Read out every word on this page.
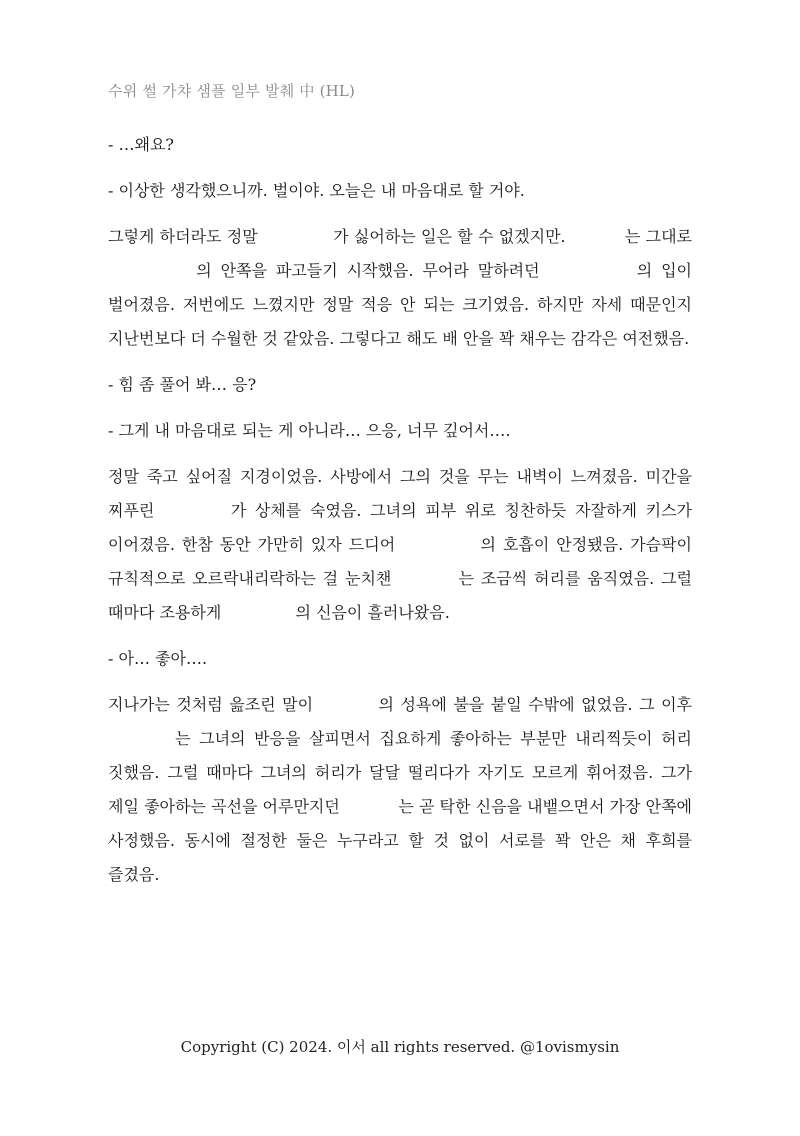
수위 썰 가챠 샘플 일부 발췌 中 (HL)

- …왜요?

- 이상한 생각했으니까. 벌이야. 오늘은 내 마음대로 할 거야.

그렇게 하더라도 정말 　　　　 가 싫어하는 일은 할 수 없겠지만. 　　　 는 그대로 　　　　 의 안쪽을 파고들기 시작했음. 무어라 말하려던 　　　　 의 입이 벌어졌음. 저번에도 느꼈지만 정말 적응 안 되는 크기였음. 하지만 자세 때문인지 지난번보다 더 수월한 것 같았음. 그렇다고 해도 배 안을 꽉 채우는 감각은 여전했음.

- 힘 좀 풀어 봐… 응?

- 그게 내 마음대로 되는 게 아니라… 으응, 너무 깊어서….

정말 죽고 싶어질 지경이었음. 사방에서 그의 것을 무는 내벽이 느껴졌음. 미간을 찌푸린 　　　 가 상체를 숙였음. 그녀의 피부 위로 칭찬하듯 자잘하게 키스가 이어졌음. 한참 동안 가만히 있자 드디어 　　　　 의 호흡이 안정됐음. 가슴팍이 규칙적으로 오르락내리락하는 걸 눈치챈 　　　 는 조금씩 허리를 움직였음. 그럴 때마다 조용하게 　　　　 의 신음이 흘러나왔음.

- 아… 좋아….

지나가는 것처럼 읊조린 말이 　　　 의 성욕에 불을 붙일 수밖에 없었음. 그 이후 　　　 는 그녀의 반응을 살피면서 집요하게 좋아하는 부분만 내리찍듯이 허리 짓했음. 그럴 때마다 그녀의 허리가 달달 떨리다가 자기도 모르게 휘어졌음. 그가 제일 좋아하는 곡선을 어루만지던 　　　 는 곧 탁한 신음을 내뱉으면서 가장 안쪽에 사정했음. 동시에 절정한 둘은 누구라고 할 것 없이 서로를 꽉 안은 채 후희를 즐겼음.

Copyright (C) 2024. 이서 all rights reserved. @1ovismysin
